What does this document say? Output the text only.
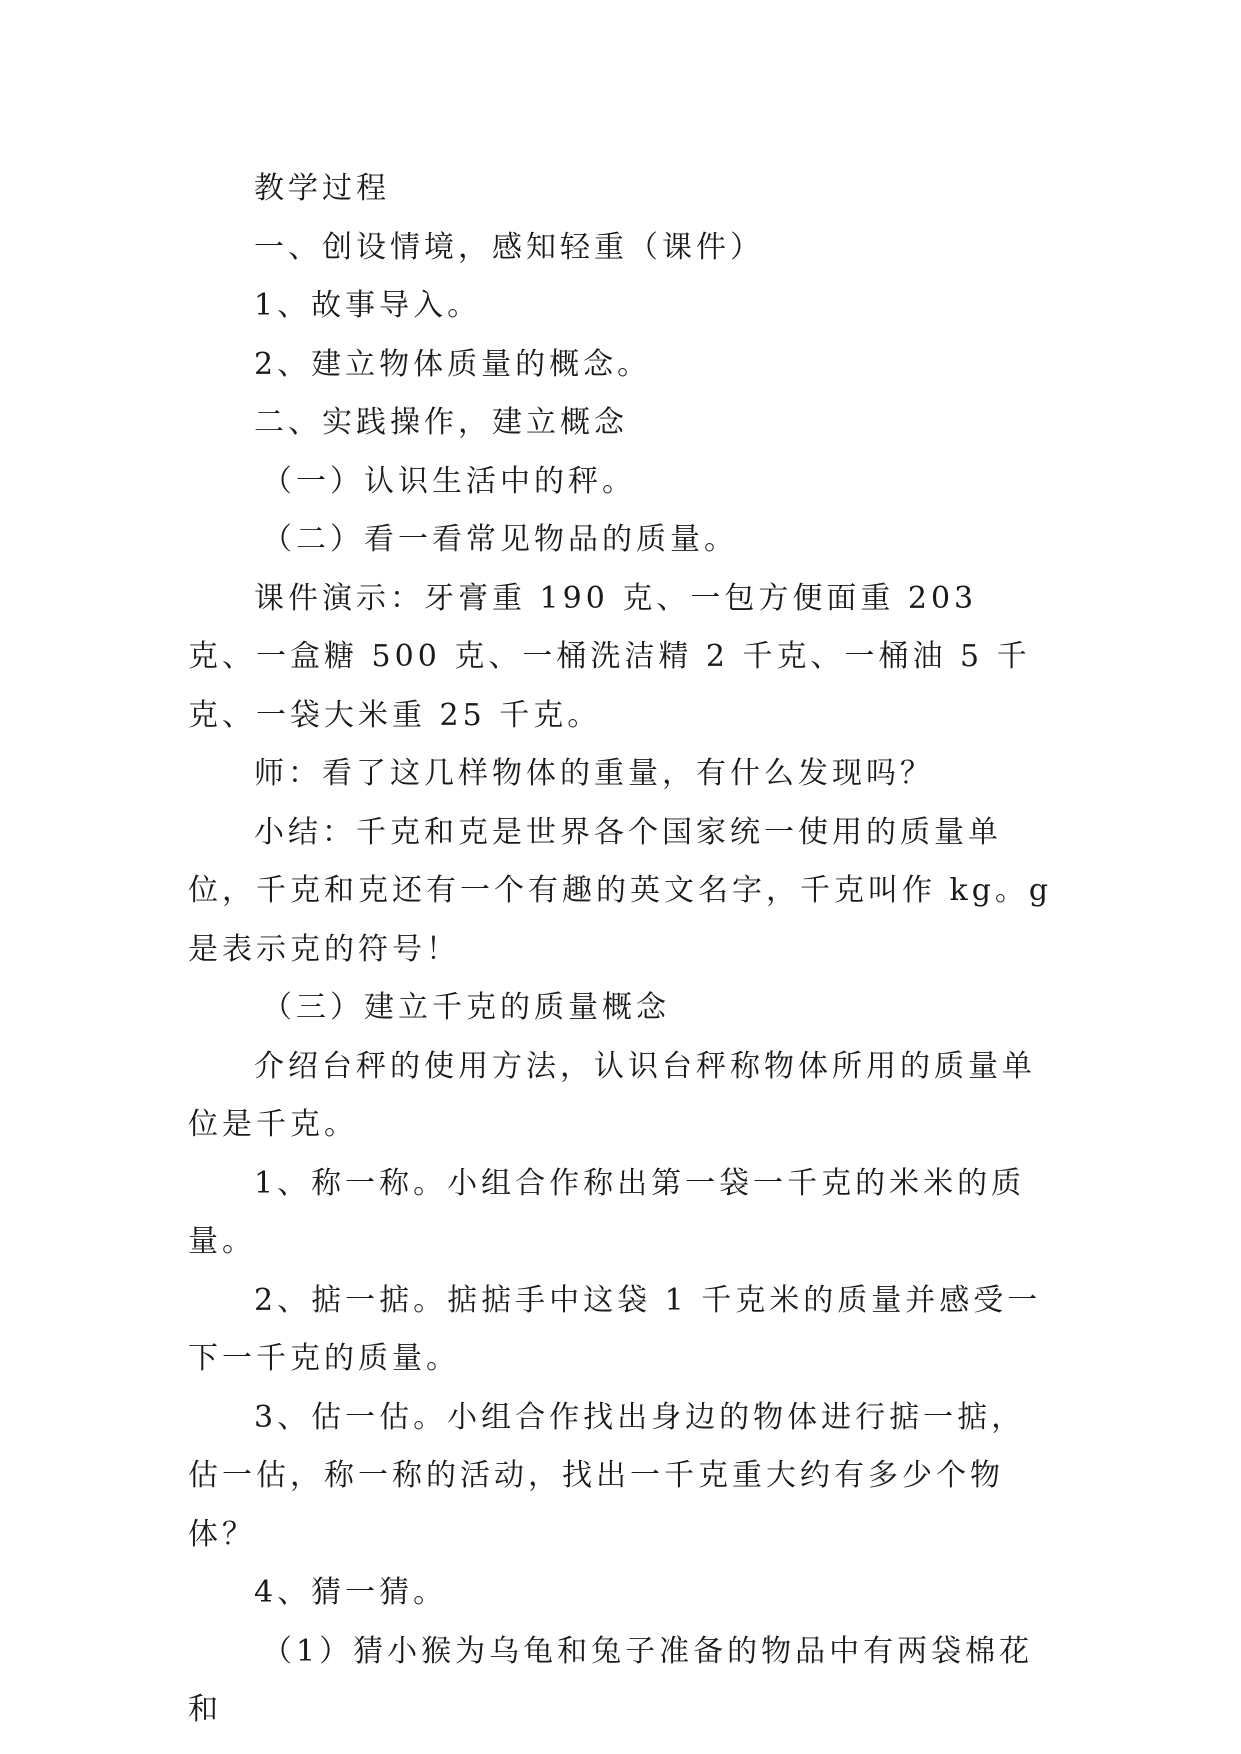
教学过程

一、创设情境，感知轻重（课件）

1、故事导入。

2、建立物体质量的概念。

二、实践操作，建立概念

（一）认识生活中的秤。

（二）看一看常见物品的质量。

课件演示：牙膏重 190 克、一包方便面重 203 克、一盒糖 500 克、一桶洗洁精 2 千克、一桶油 5 千克、一袋大米重 25 千克。

师：看了这几样物体的重量，有什么发现吗？

小结：千克和克是世界各个国家统一使用的质量单位，千克和克还有一个有趣的英文名字，千克叫作 kg。g 是表示克的符号！

（三）建立千克的质量概念

介绍台秤的使用方法，认识台秤称物体所用的质量单位是千克。

1、称一称。小组合作称出第一袋一千克的米米的质量。

2、掂一掂。掂掂手中这袋 1 千克米的质量并感受一下一千克的质量。

3、估一估。小组合作找出身边的物体进行掂一掂，估一估，称一称的活动，找出一千克重大约有多少个物体？

4、猜一猜。

（1）猜小猴为乌龟和兔子准备的物品中有两袋棉花和
